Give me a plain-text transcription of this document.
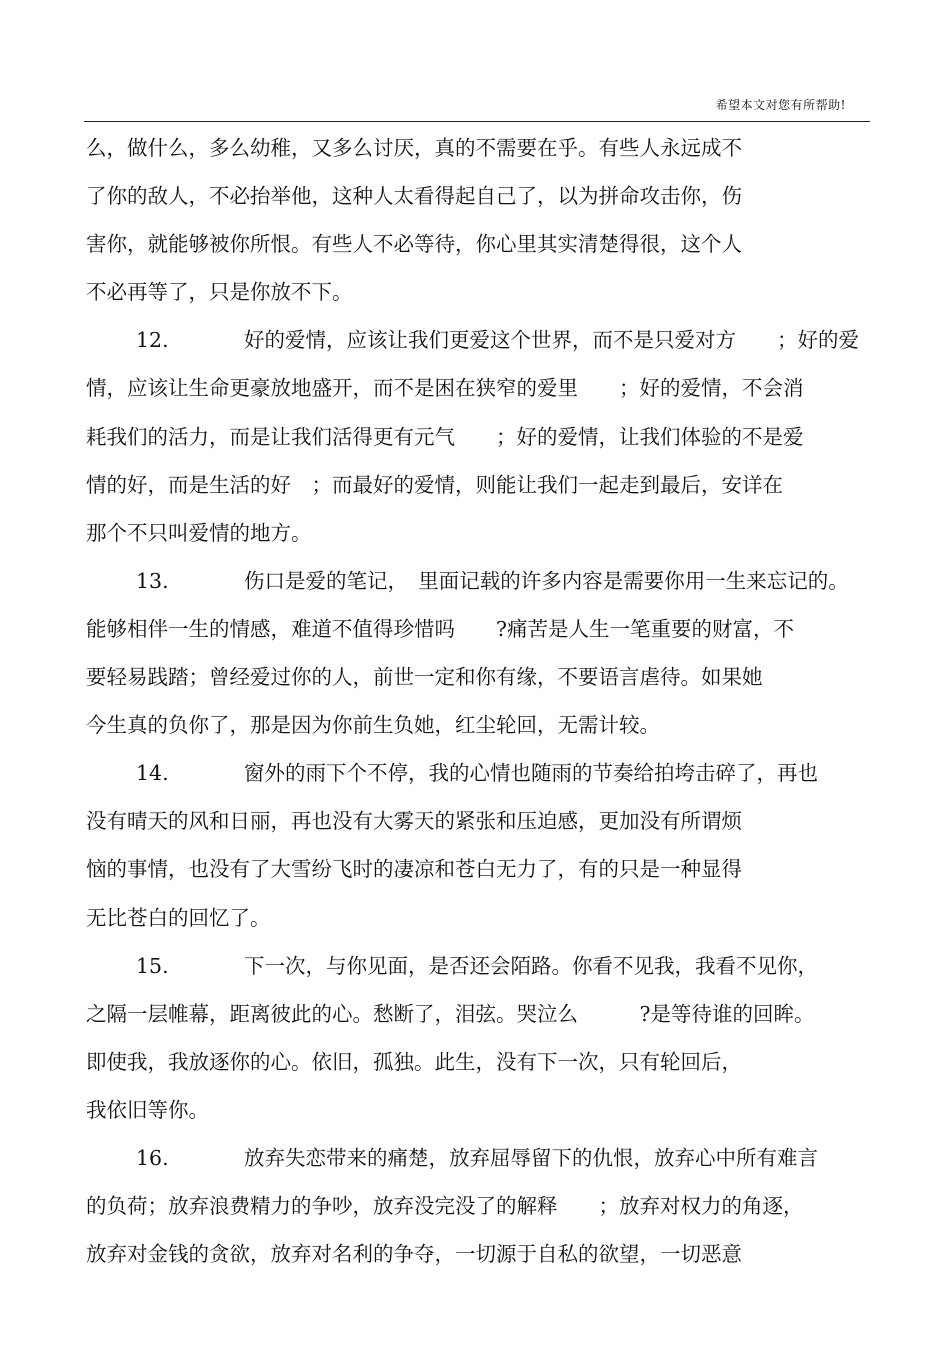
希望本文对您有所帮助!
么，做什么，多么幼稚，又多么讨厌，真的不需要在乎。有些人永远成不
了你的敌人，不必抬举他，这种人太看得起自己了，以为拼命攻击你，伤
害你，就能够被你所恨。有些人不必等待，你心里其实清楚得很，这个人
不必再等了，只是你放不下。
12.	好的爱情，应该让我们更爱这个世界，而不是只爱对方　　；好的爱
情，应该让生命更豪放地盛开，而不是困在狭窄的爱里　　；好的爱情，不会消
耗我们的活力，而是让我们活得更有元气　　；好的爱情，让我们体验的不是爱
情的好，而是生活的好　；而最好的爱情，则能让我们一起走到最后，安详在
那个不只叫爱情的地方。
13.	伤口是爱的笔记，　里面记载的许多内容是需要你用一生来忘记的。
能够相伴一生的情感，难道不值得珍惜吗　　?痛苦是人生一笔重要的财富，不
要轻易践踏；曾经爱过你的人，前世一定和你有缘，不要语言虐待。如果她
今生真的负你了，那是因为你前生负她，红尘轮回，无需计较。
14.	窗外的雨下个不停，我的心情也随雨的节奏给拍垮击碎了，再也
没有晴天的风和日丽，再也没有大雾天的紧张和压迫感，更加没有所谓烦
恼的事情，也没有了大雪纷飞时的凄凉和苍白无力了，有的只是一种显得
无比苍白的回忆了。
15.	下一次，与你见面，是否还会陌路。你看不见我，我看不见你，
之隔一层帷幕，距离彼此的心。愁断了，泪弦。哭泣么　　　?是等待谁的回眸。
即使我，我放逐你的心。依旧，孤独。此生，没有下一次，只有轮回后，
我依旧等你。
16.	放弃失恋带来的痛楚，放弃屈辱留下的仇恨，放弃心中所有难言
的负荷；放弃浪费精力的争吵，放弃没完没了的解释　　；放弃对权力的角逐，
放弃对金钱的贪欲，放弃对名利的争夺，一切源于自私的欲望，一切恶意
